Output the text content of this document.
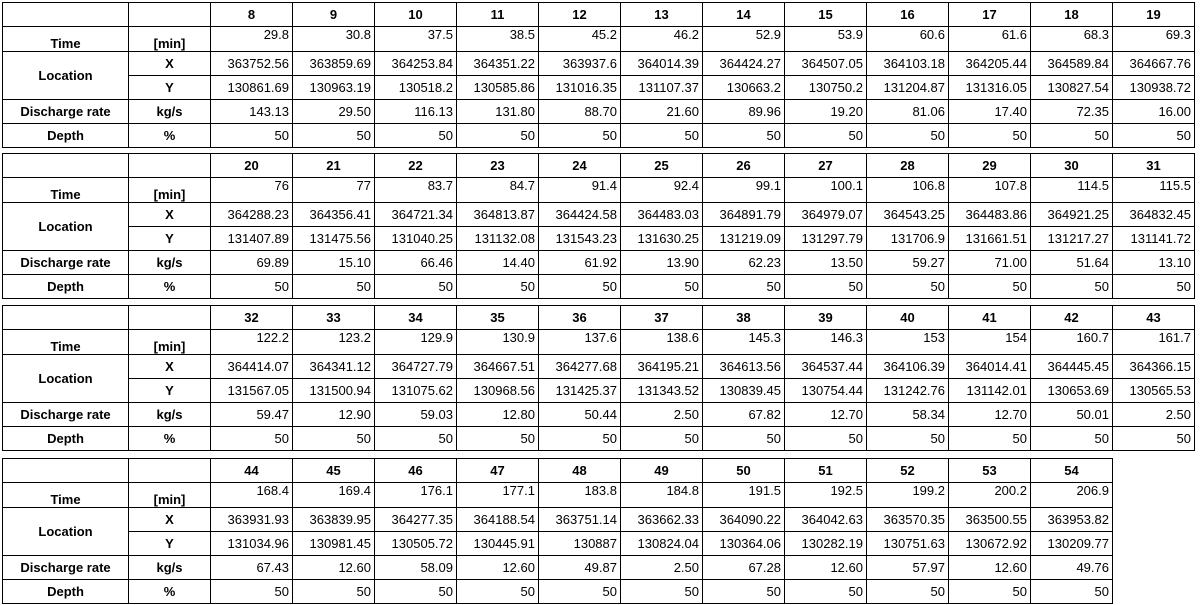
		8	9	10	11	12	13	14	15	16	17	18	19
Time	[min]	29.8	30.8	37.5	38.5	45.2	46.2	52.9	53.9	60.6	61.6	68.3	69.3
Location	X	363752.56	363859.69	364253.84	364351.22	363937.6	364014.39	364424.27	364507.05	364103.18	364205.44	364589.84	364667.76
	Y	130861.69	130963.19	130518.2	130585.86	131016.35	131107.37	130663.2	130750.2	131204.87	131316.05	130827.54	130938.72
Discharge rate	kg/s	143.13	29.50	116.13	131.80	88.70	21.60	89.96	19.20	81.06	17.40	72.35	16.00
Depth	%	50	50	50	50	50	50	50	50	50	50	50	50
		20	21	22	23	24	25	26	27	28	29	30	31
Time	[min]	76	77	83.7	84.7	91.4	92.4	99.1	100.1	106.8	107.8	114.5	115.5
Location	X	364288.23	364356.41	364721.34	364813.87	364424.58	364483.03	364891.79	364979.07	364543.25	364483.86	364921.25	364832.45
	Y	131407.89	131475.56	131040.25	131132.08	131543.23	131630.25	131219.09	131297.79	131706.9	131661.51	131217.27	131141.72
Discharge rate	kg/s	69.89	15.10	66.46	14.40	61.92	13.90	62.23	13.50	59.27	71.00	51.64	13.10
Depth	%	50	50	50	50	50	50	50	50	50	50	50	50
		32	33	34	35	36	37	38	39	40	41	42	43
Time	[min]	122.2	123.2	129.9	130.9	137.6	138.6	145.3	146.3	153	154	160.7	161.7
Location	X	364414.07	364341.12	364727.79	364667.51	364277.68	364195.21	364613.56	364537.44	364106.39	364014.41	364445.45	364366.15
	Y	131567.05	131500.94	131075.62	130968.56	131425.37	131343.52	130839.45	130754.44	131242.76	131142.01	130653.69	130565.53
Discharge rate	kg/s	59.47	12.90	59.03	12.80	50.44	2.50	67.82	12.70	58.34	12.70	50.01	2.50
Depth	%	50	50	50	50	50	50	50	50	50	50	50	50
		44	45	46	47	48	49	50	51	52	53	54
Time	[min]	168.4	169.4	176.1	177.1	183.8	184.8	191.5	192.5	199.2	200.2	206.9
Location	X	363931.93	363839.95	364277.35	364188.54	363751.14	363662.33	364090.22	364042.63	363570.35	363500.55	363953.82
	Y	131034.96	130981.45	130505.72	130445.91	130887	130824.04	130364.06	130282.19	130751.63	130672.92	130209.77
Discharge rate	kg/s	67.43	12.60	58.09	12.60	49.87	2.50	67.28	12.60	57.97	12.60	49.76
Depth	%	50	50	50	50	50	50	50	50	50	50	50
